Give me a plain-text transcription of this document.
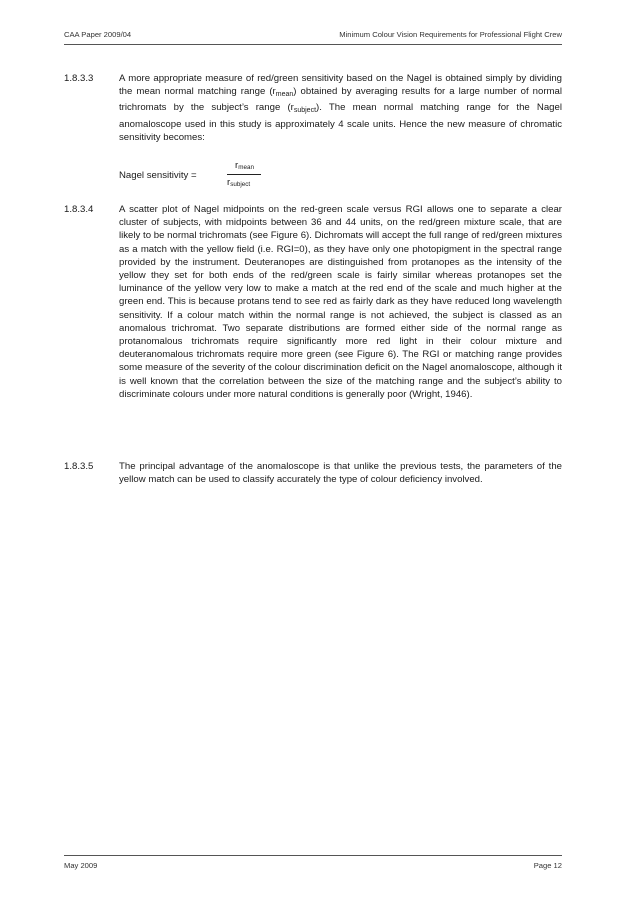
CAA Paper 2009/04	Minimum Colour Vision Requirements for Professional Flight Crew
1.8.3.3	A more appropriate measure of red/green sensitivity based on the Nagel is obtained simply by dividing the mean normal matching range $(r_{mean})$ obtained by averaging results for a large number of normal trichromats by the subject’s range $(r_{subject})$. The mean normal matching range for the Nagel anomaloscope used in this study is approximately 4 scale units. Hence the new measure of chromatic sensitivity becomes:
Nagel sensitivity =
rmean
rsubject
1.8.3.4	A scatter plot of Nagel midpoints on the red-green scale versus RGI allows one to separate a clear cluster of subjects, with midpoints between 36 and 44 units, on the red/green mixture scale, that are likely to be normal trichromats (see Figure 6). Dichromats will accept the full range of red/green mixtures as a match with the yellow field (i.e. RGI=0), as they have only one photopigment in the spectral range provided by the instrument. Deuteranopes are distinguished from protanopes as the intensity of the yellow they set for both ends of the red/green scale is fairly similar whereas protanopes set the luminance of the yellow very low to make a match at the red end of the scale and much higher at the green end. This is because protans tend to see red as fairly dark as they have reduced long wavelength sensitivity. If a colour match within the normal range is not achieved, the subject is classed as an anomalous trichromat. Two separate distributions are formed either side of the normal range as protanomalous trichromats require significantly more red light in their colour mixture and deuteranomalous trichromats require more green (see Figure 6). The RGI or matching range provides some measure of the severity of the colour discrimination deficit on the Nagel anomaloscope, although it is well known that the correlation between the size of the matching range and the subject’s ability to discriminate colours under more natural conditions is generally poor (Wright, 1946).
1.8.3.5	The principal advantage of the anomaloscope is that unlike the previous tests, the parameters of the yellow match can be used to classify accurately the type of colour deficiency involved.
May 2009	Page 12
